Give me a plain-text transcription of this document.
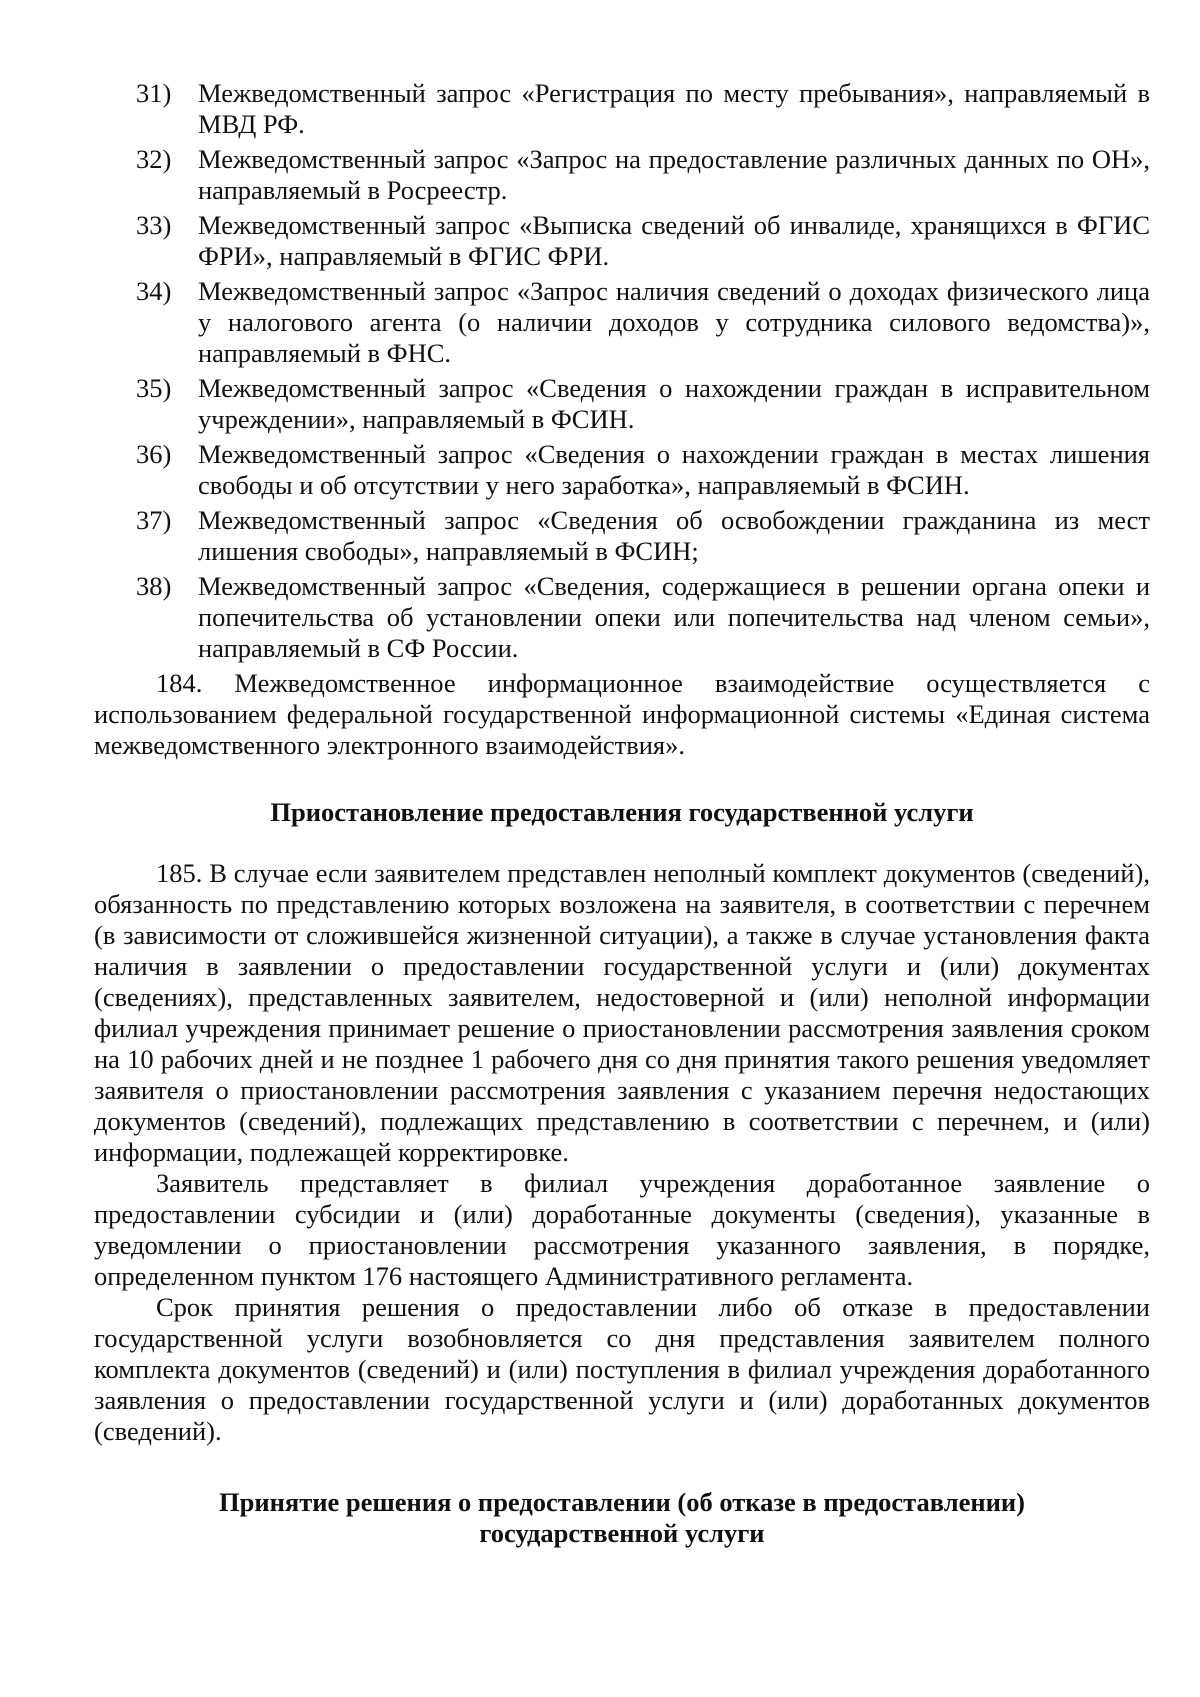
31)	Межведомственный запрос «Регистрация по месту пребывания», направляемый в МВД РФ.
32)	Межведомственный запрос «Запрос на предоставление различных данных по ОН», направляемый в Росреестр.
33)	Межведомственный запрос «Выписка сведений об инвалиде, хранящихся в ФГИС ФРИ», направляемый в ФГИС ФРИ.
34)	Межведомственный запрос «Запрос наличия сведений о доходах физического лица у налогового агента (о наличии доходов у сотрудника силового ведомства)», направляемый в ФНС.
35)	Межведомственный запрос «Сведения о нахождении граждан в исправительном учреждении», направляемый в ФСИН.
36)	Межведомственный запрос «Сведения о нахождении граждан в местах лишения свободы и об отсутствии у него заработка», направляемый в ФСИН.
37)	Межведомственный запрос «Сведения об освобождении гражданина из мест лишения свободы», направляемый в ФСИН;
38)	Межведомственный запрос «Сведения, содержащиеся в решении органа опеки и попечительства об установлении опеки или попечительства над членом семьи», направляемый в СФ России.

184. Межведомственное информационное взаимодействие осуществляется с использованием федеральной государственной информационной системы «Единая система межведомственного электронного взаимодействия».

Приостановление предоставления государственной услуги

185. В случае если заявителем представлен неполный комплект документов (сведений), обязанность по представлению которых возложена на заявителя, в соответствии с перечнем (в зависимости от сложившейся жизненной ситуации), а также в случае установления факта наличия в заявлении о предоставлении государственной услуги и (или) документах (сведениях), представленных заявителем, недостоверной и (или) неполной информации филиал учреждения принимает решение о приостановлении рассмотрения заявления сроком на 10 рабочих дней и не позднее 1 рабочего дня со дня принятия такого решения уведомляет заявителя о приостановлении рассмотрения заявления с указанием перечня недостающих документов (сведений), подлежащих представлению в соответствии с перечнем, и (или) информации, подлежащей корректировке.

Заявитель представляет в филиал учреждения доработанное заявление о предоставлении субсидии и (или) доработанные документы (сведения), указанные в уведомлении о приостановлении рассмотрения указанного заявления, в порядке, определенном пунктом 176 настоящего Административного регламента.

Срок принятия решения о предоставлении либо об отказе в предоставлении государственной услуги возобновляется со дня представления заявителем полного комплекта документов (сведений) и (или) поступления в филиал учреждения доработанного заявления о предоставлении государственной услуги и (или) доработанных документов (сведений).

Принятие решения о предоставлении (об отказе в предоставлении)
государственной услуги
